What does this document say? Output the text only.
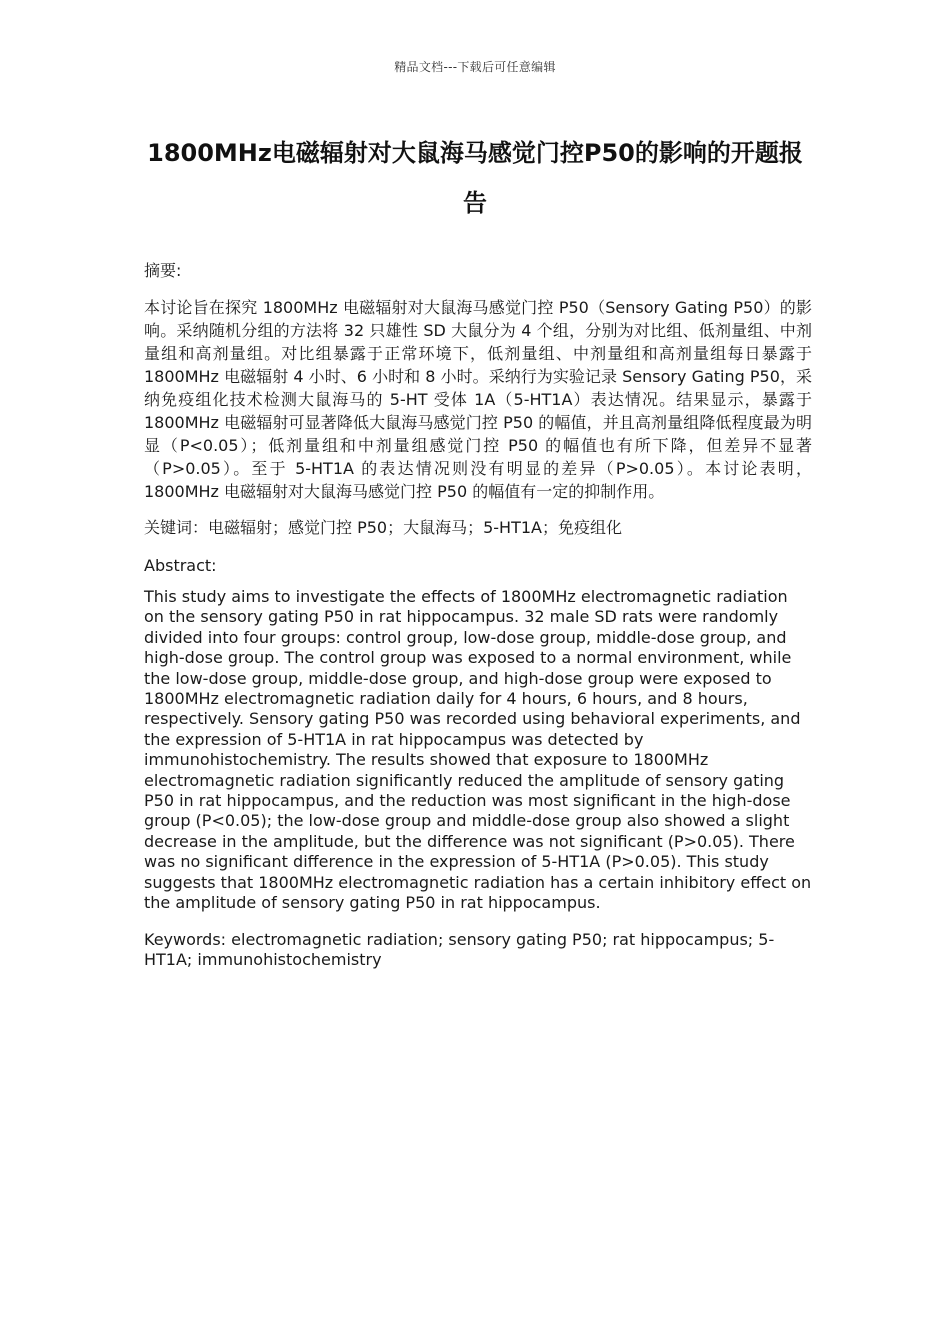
精品文档---下载后可任意编辑
1800MHz电磁辐射对大鼠海马感觉门控P50的影响的开题报告
摘要:
本讨论旨在探究 1800MHz 电磁辐射对大鼠海马感觉门控 P50（Sensory Gating P50）的影响。采纳随机分组的方法将 32 只雄性 SD 大鼠分为 4 个组，分别为对比组、低剂量组、中剂量组和高剂量组。对比组暴露于正常环境下，低剂量组、中剂量组和高剂量组每日暴露于 1800MHz 电磁辐射 4 小时、6 小时和 8 小时。采纳行为实验记录 Sensory Gating P50，采纳免疫组化技术检测大鼠海马的 5-HT 受体 1A（5-HT1A）表达情况。结果显示，暴露于 1800MHz 电磁辐射可显著降低大鼠海马感觉门控 P50 的幅值，并且高剂量组降低程度最为明显（P<0.05）；低剂量组和中剂量组感觉门控 P50 的幅值也有所下降，但差异不显著（P>0.05）。至于 5-HT1A 的表达情况则没有明显的差异（P>0.05）。本讨论表明，1800MHz 电磁辐射对大鼠海马感觉门控 P50 的幅值有一定的抑制作用。
关键词：电磁辐射；感觉门控 P50；大鼠海马；5-HT1A；免疫组化
Abstract:
This study aims to investigate the effects of 1800MHz electromagnetic radiation on the sensory gating P50 in rat hippocampus. 32 male SD rats were randomly divided into four groups: control group, low-dose group, middle-dose group, and high-dose group. The control group was exposed to a normal environment, while the low-dose group, middle-dose group, and high-dose group were exposed to 1800MHz electromagnetic radiation daily for 4 hours, 6 hours, and 8 hours, respectively. Sensory gating P50 was recorded using behavioral experiments, and the expression of 5-HT1A in rat hippocampus was detected by immunohistochemistry. The results showed that exposure to 1800MHz electromagnetic radiation significantly reduced the amplitude of sensory gating P50 in rat hippocampus, and the reduction was most significant in the high-dose group (P<0.05); the low-dose group and middle-dose group also showed a slight decrease in the amplitude, but the difference was not significant (P>0.05). There was no significant difference in the expression of 5-HT1A (P>0.05). This study suggests that 1800MHz electromagnetic radiation has a certain inhibitory effect on the amplitude of sensory gating P50 in rat hippocampus.
Keywords: electromagnetic radiation; sensory gating P50; rat hippocampus; 5-HT1A; immunohistochemistry
